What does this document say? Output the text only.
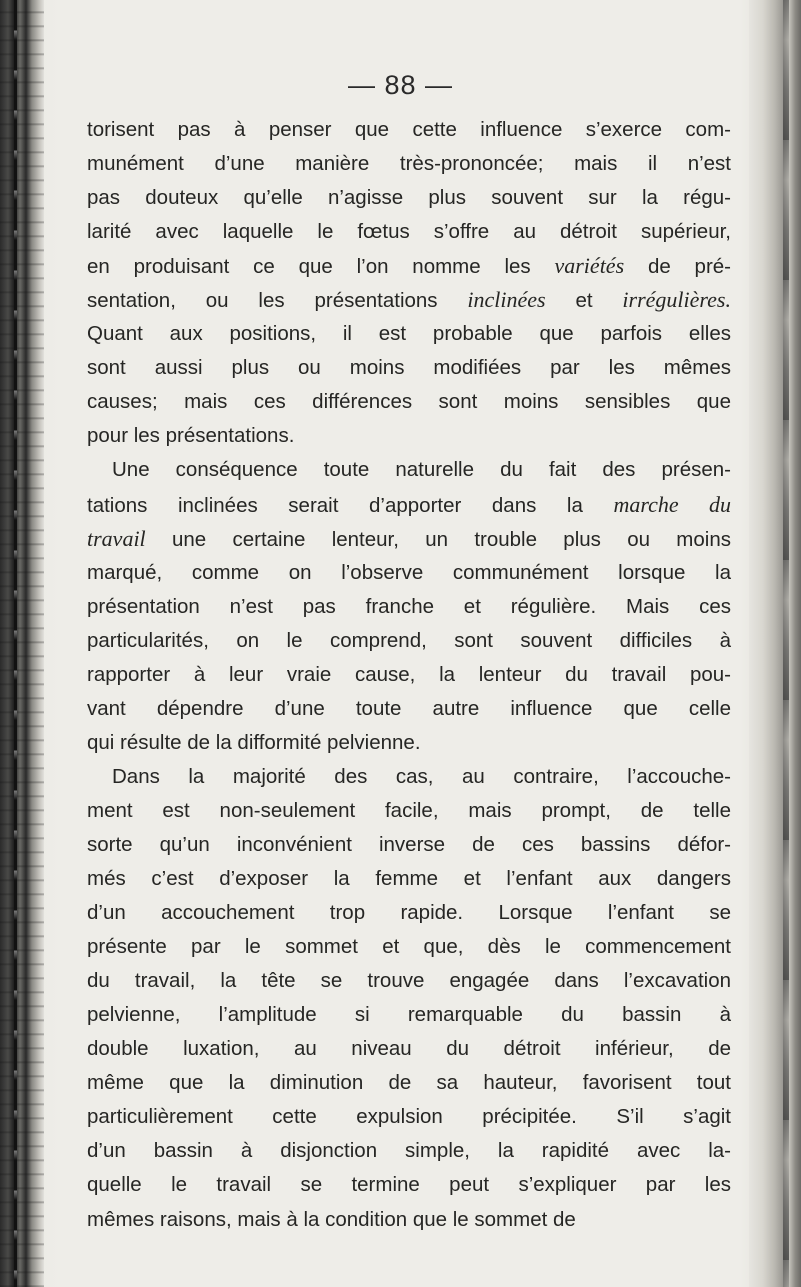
— 88 —
torisent pas à penser que cette influence s’exerce com-
munément d’une manière très-prononcée; mais il n’est
pas douteux qu’elle n’agisse plus souvent sur la régu-
larité avec laquelle le fœtus s’offre au détroit supérieur,
en produisant ce que l’on nomme les variétés de pré-
sentation, ou les présentations inclinées et irrégulières.
Quant aux positions, il est probable que parfois elles
sont aussi plus ou moins modifiées par les mêmes
causes; mais ces différences sont moins sensibles que
pour les présentations.
Une conséquence toute naturelle du fait des présen-
tations inclinées serait d’apporter dans la marche du
travail une certaine lenteur, un trouble plus ou moins
marqué, comme on l’observe communément lorsque la
présentation n’est pas franche et régulière. Mais ces
particularités, on le comprend, sont souvent difficiles à
rapporter à leur vraie cause, la lenteur du travail pou-
vant dépendre d’une toute autre influence que celle
qui résulte de la difformité pelvienne.
Dans la majorité des cas, au contraire, l’accouche-
ment est non-seulement facile, mais prompt, de telle
sorte qu’un inconvénient inverse de ces bassins défor-
més c’est d’exposer la femme et l’enfant aux dangers
d’un accouchement trop rapide. Lorsque l’enfant se
présente par le sommet et que, dès le commencement
du travail, la tête se trouve engagée dans l’excavation
pelvienne, l’amplitude si remarquable du bassin à
double luxation, au niveau du détroit inférieur, de
même que la diminution de sa hauteur, favorisent tout
particulièrement cette expulsion précipitée. S’il s’agit
d’un bassin à disjonction simple, la rapidité avec la-
quelle le travail se termine peut s’expliquer par les
mêmes raisons, mais à la condition que le sommet de
